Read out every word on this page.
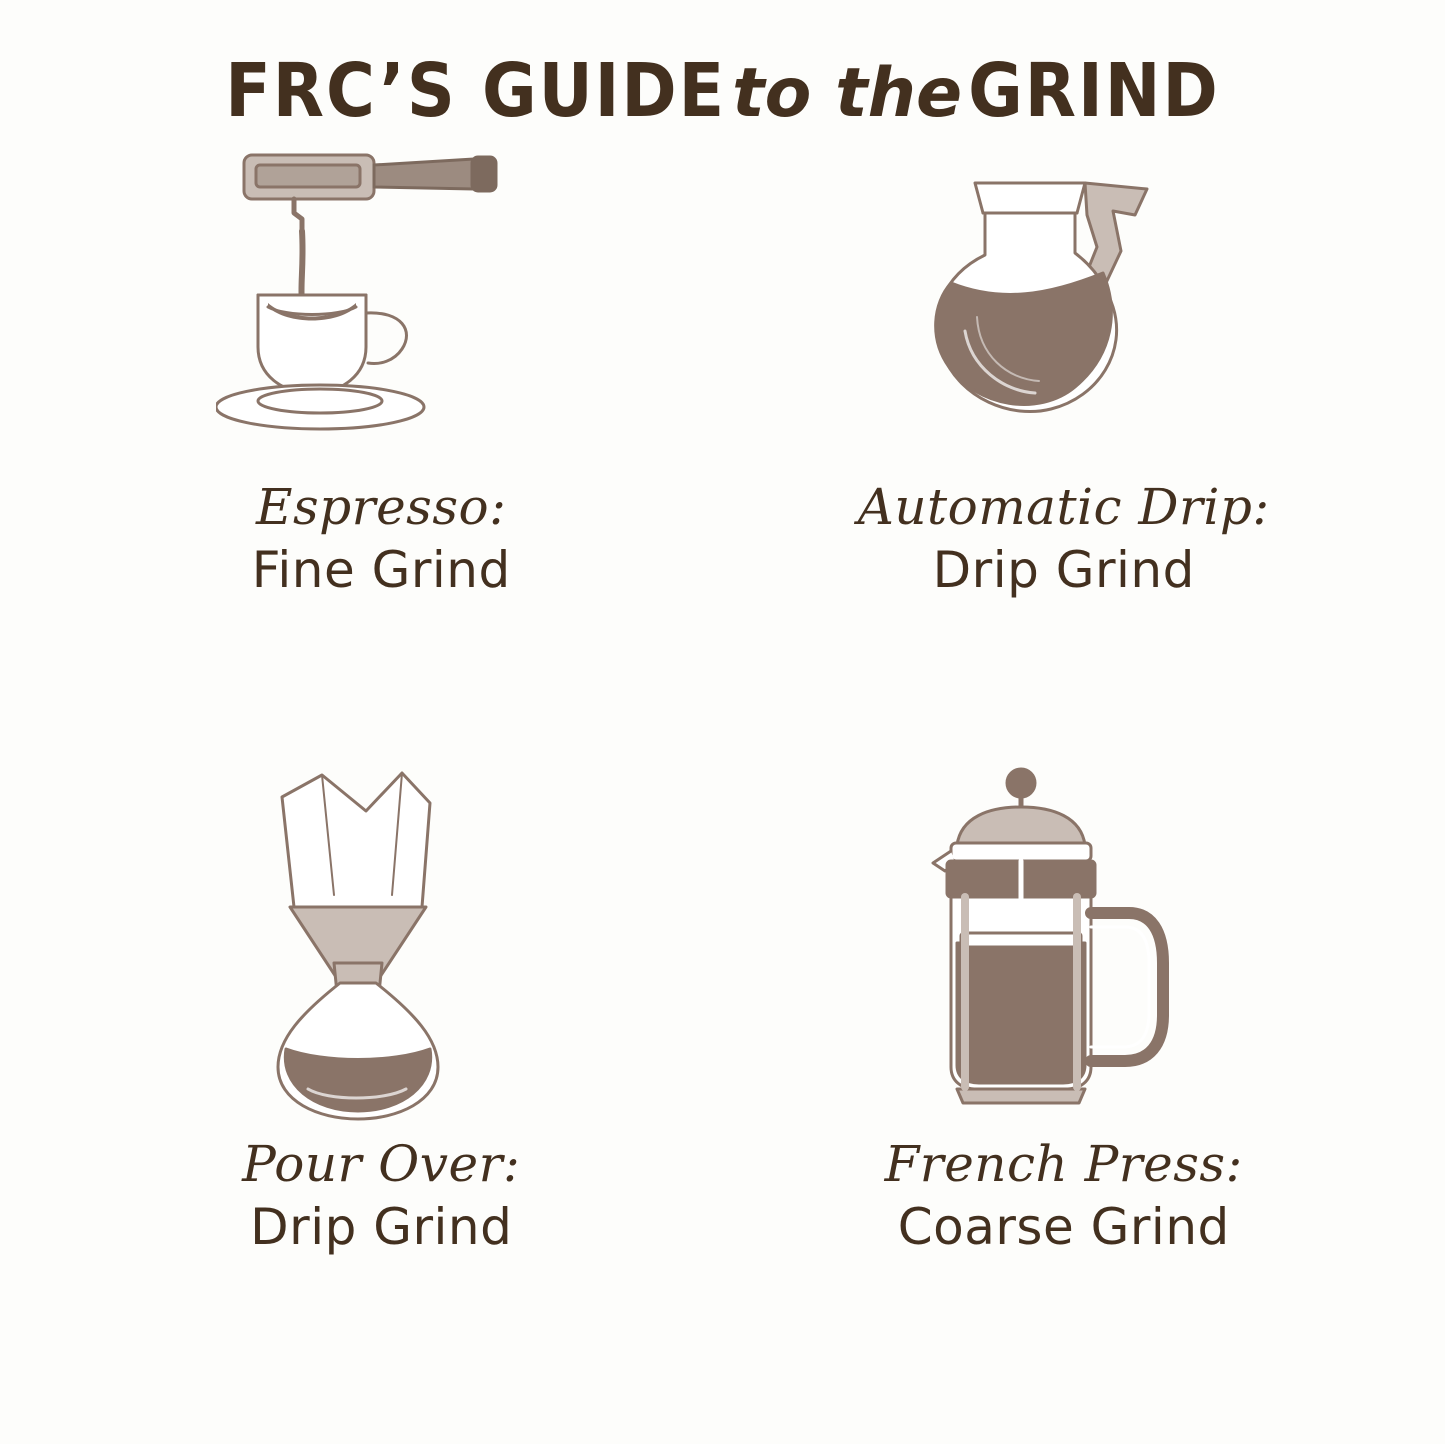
FRC’S GUIDEto theGRIND
Espresso:
Fine Grind
Automatic Drip:
Drip Grind
Pour Over:
Drip Grind
French Press:
Coarse Grind
